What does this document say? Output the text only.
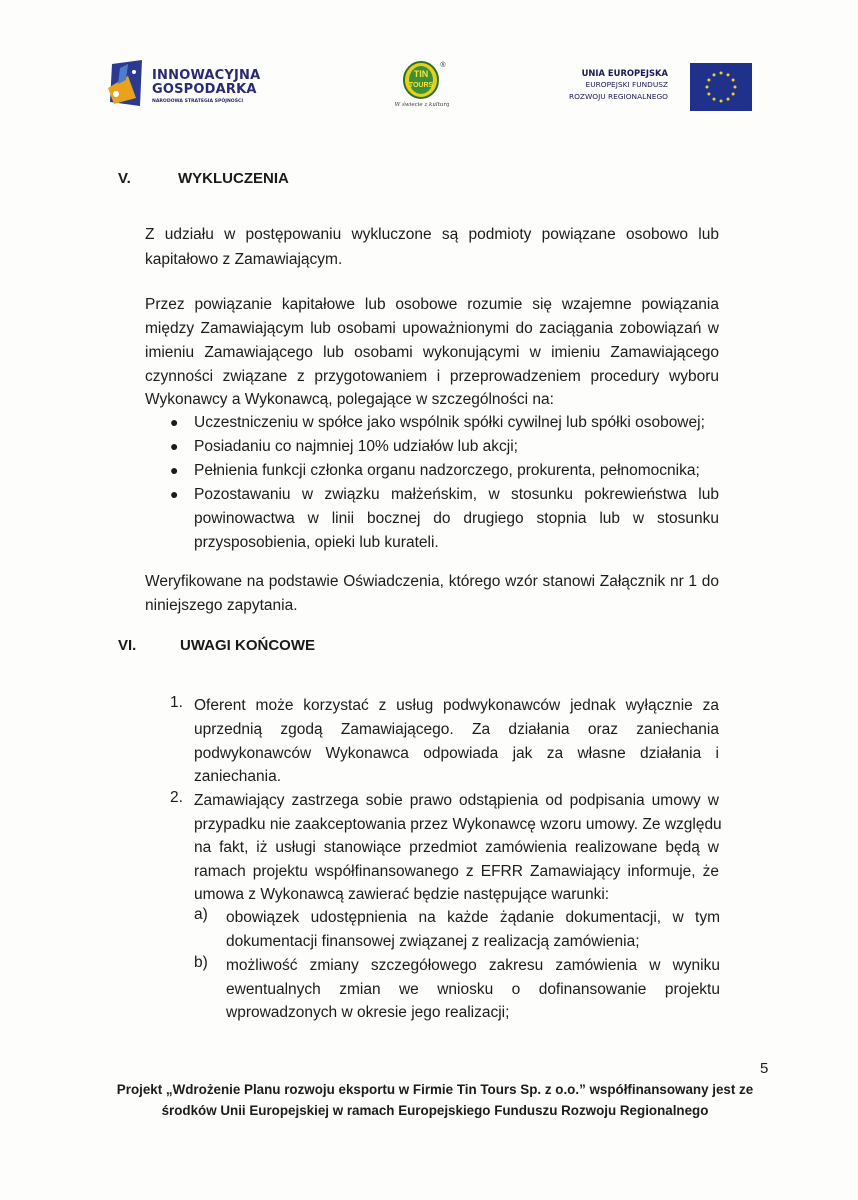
INNOWACYJNA
GOSPODARKA
NARODOWA STRATEGIA SPÓJNOŚCI
TIN
TOURS
®
W świecie z kulturą
UNIA EUROPEJSKA
EUROPEJSKI FUNDUSZ
ROZWOJU REGIONALNEGO
V.	WYKLUCZENIA
Z udziału w postępowaniu wykluczone są podmioty powiązane osobowo lub
kapitałowo z Zamawiającym.
Przez powiązanie kapitałowe lub osobowe rozumie się wzajemne powiązania
między Zamawiającym lub osobami upoważnionymi do zaciągania zobowiązań w
imieniu Zamawiającego lub osobami wykonującymi w imieniu Zamawiającego
czynności związane z przygotowaniem i przeprowadzeniem procedury wyboru
Wykonawcy a Wykonawcą, polegające w szczególności na:
● Uczestniczeniu w spółce jako wspólnik spółki cywilnej lub spółki osobowej;
● Posiadaniu co najmniej 10% udziałów lub akcji;
● Pełnienia funkcji członka organu nadzorczego, prokurenta, pełnomocnika;
● Pozostawaniu w związku małżeńskim, w stosunku pokrewieństwa lub
powinowactwa w linii bocznej do drugiego stopnia lub w stosunku
przysposobienia, opieki lub kurateli.
Weryfikowane na podstawie Oświadczenia, którego wzór stanowi Załącznik nr 1 do
niniejszego zapytania.
VI.	UWAGI KOŃCOWE
1. Oferent może korzystać z usług podwykonawców jednak wyłącznie za
uprzednią zgodą Zamawiającego. Za działania oraz zaniechania
podwykonawców Wykonawca odpowiada jak za własne działania i
zaniechania.
2. Zamawiający zastrzega sobie prawo odstąpienia od podpisania umowy w
przypadku nie zaakceptowania przez Wykonawcę wzoru umowy. Ze względu
na fakt, iż usługi stanowiące przedmiot zamówienia realizowane będą w
ramach projektu współfinansowanego z EFRR Zamawiający informuje, że
umowa z Wykonawcą zawierać będzie następujące warunki:
a) obowiązek udostępnienia na każde żądanie dokumentacji, w tym
dokumentacji finansowej związanej z realizacją zamówienia;
b) możliwość zmiany szczegółowego zakresu zamówienia w wyniku
ewentualnych zmian we wniosku o dofinansowanie projektu
wprowadzonych w okresie jego realizacji;
5
Projekt „Wdrożenie Planu rozwoju eksportu w Firmie Tin Tours Sp. z o.o.” współfinansowany jest ze
środków Unii Europejskiej w ramach Europejskiego Funduszu Rozwoju Regionalnego
